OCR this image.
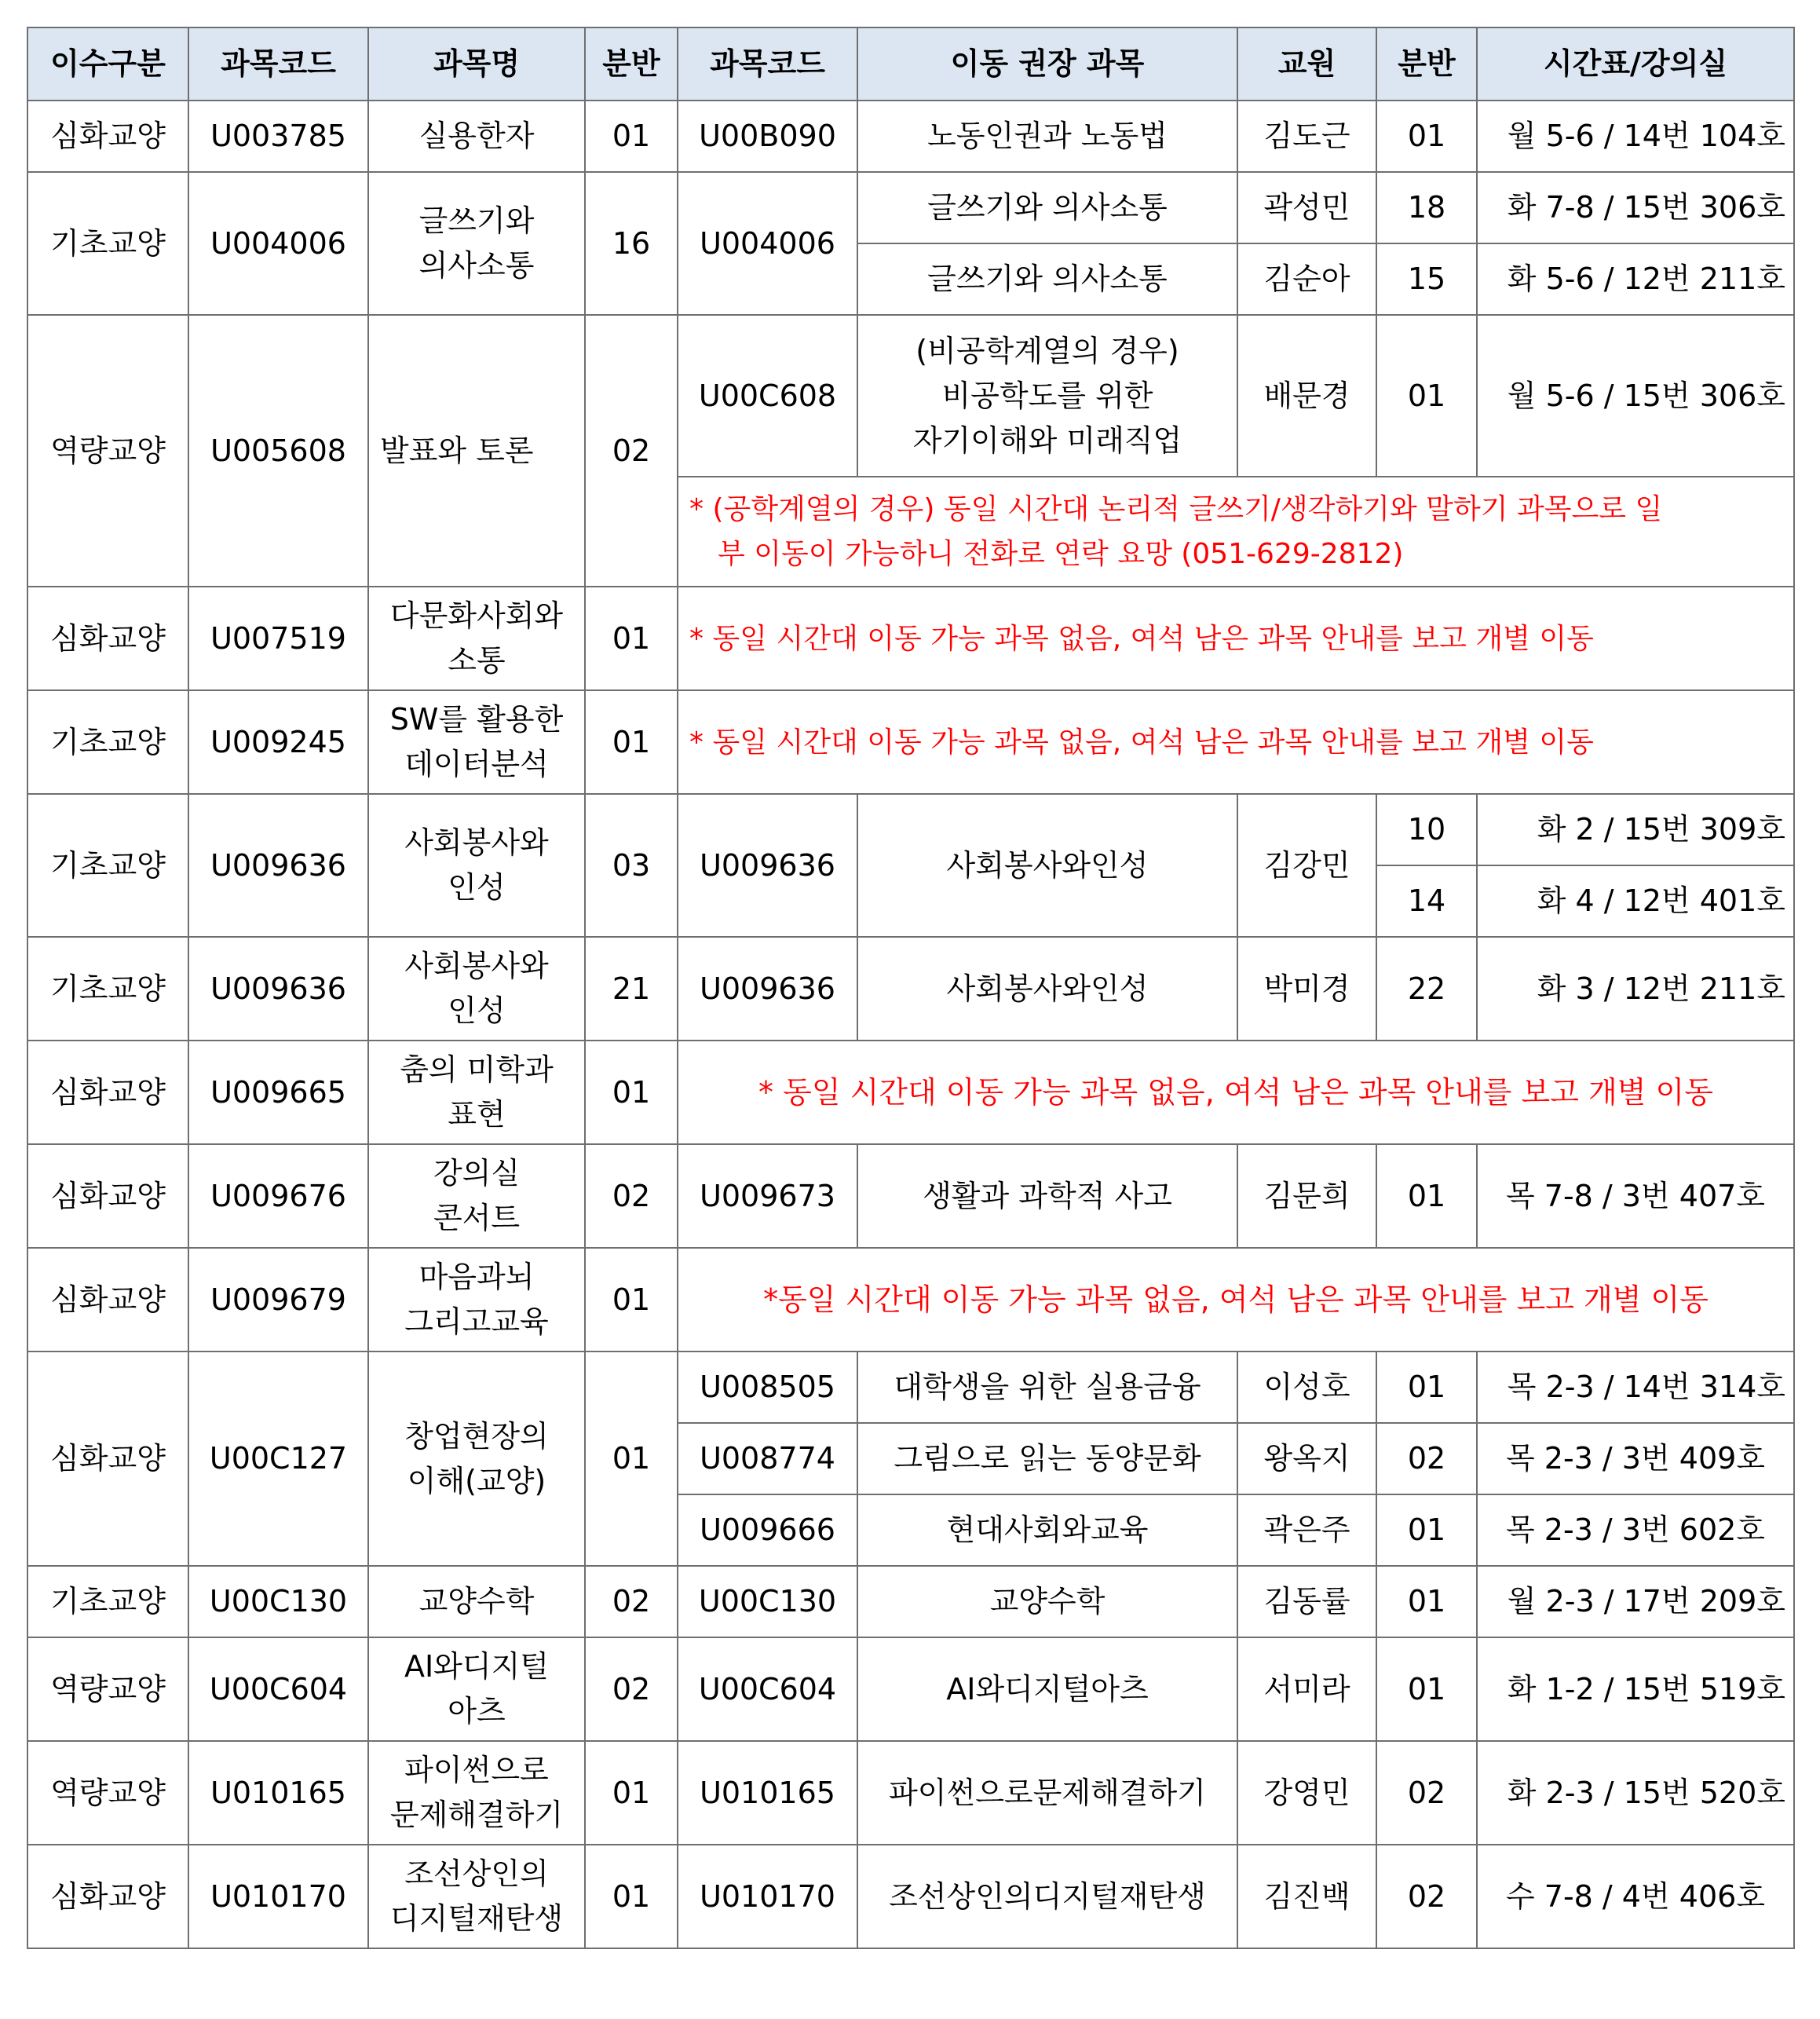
이수구분	과목코드	과목명	분반	과목코드	이동 권장 과목	교원	분반	시간표/강의실
심화교양	U003785	실용한자	01	U00B090	노동인권과 노동법	김도근	01	월 5-6 / 14번 104호
기초교양	U004006	글쓰기와
의사소통	16	U004006	글쓰기와 의사소통	곽성민	18	화 7-8 / 15번 306호
					글쓰기와 의사소통	김순아	15	화 5-6 / 12번 211호
역량교양	U005608	발표와 토론	02	U00C608	(비공학계열의 경우)
비공학도를 위한
자기이해와 미래직업	배문경	01	월 5-6 / 15번 306호

				* (공학계열의 경우) 동일 시간대 논리적 글쓰기/생각하기와 말하기 과목으로 일
부 이동이 가능하니 전화로 연락 요망 (051-629-2812)				

심화교양	U007519	다문화사회와
소통	01	* 동일 시간대 이동 가능 과목 없음, 여석 남은 과목 안내를 보고 개별 이동				
기초교양	U009245	SW를 활용한
데이터분석	01	* 동일 시간대 이동 가능 과목 없음, 여석 남은 과목 안내를 보고 개별 이동				
기초교양	U009636	사회봉사와
인성	03	U009636	사회봉사와인성	김강민	10	화 2 / 15번 309호
							14	화 4 / 12번 401호
기초교양	U009636	사회봉사와
인성	21	U009636	사회봉사와인성	박미경	22	화 3 / 12번 211호
심화교양	U009665	춤의 미학과
표현	01	* 동일 시간대 이동 가능 과목 없음, 여석 남은 과목 안내를 보고 개별 이동				
심화교양	U009676	강의실
콘서트	02	U009673	생활과 과학적 사고	김문희	01	목 7-8 / 3번 407호
심화교양	U009679	마음과뇌
그리고교육	01	*동일 시간대 이동 가능 과목 없음, 여석 남은 과목 안내를 보고 개별 이동				
심화교양	U00C127	창업현장의
이해(교양)	01	U008505	대학생을 위한 실용금융	이성호	01	목 2-3 / 14번 314호
				U008774	그림으로 읽는 동양문화	왕옥지	02	목 2-3 / 3번 409호
				U009666	현대사회와교육	곽은주	01	목 2-3 / 3번 602호
기초교양	U00C130	교양수학	02	U00C130	교양수학	김동률	01	월 2-3 / 17번 209호
역량교양	U00C604	AI와디지털
아츠	02	U00C604	AI와디지털아츠	서미라	01	화 1-2 / 15번 519호
역량교양	U010165	파이썬으로
문제해결하기	01	U010165	파이썬으로문제해결하기	강영민	02	화 2-3 / 15번 520호
심화교양	U010170	조선상인의
디지털재탄생	01	U010170	조선상인의디지털재탄생	김진백	02	수 7-8 / 4번 406호
